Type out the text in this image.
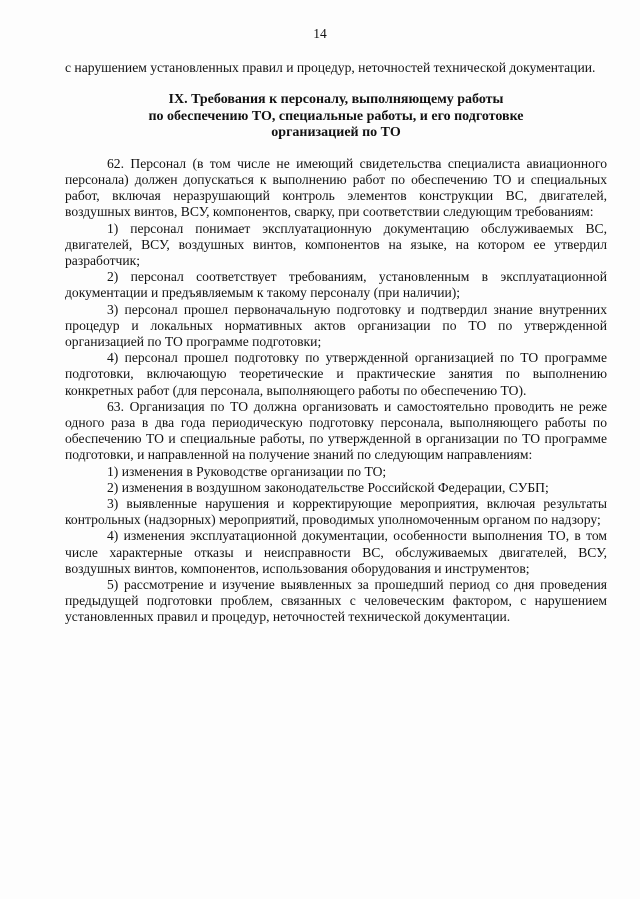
14

с нарушением установленных правил и процедур, неточностей технической документации.

IX. Требования к персоналу, выполняющему работы
по обеспечению ТО, специальные работы, и его подготовке
организацией по ТО

62. Персонал (в том числе не имеющий свидетельства специалиста авиационного персонала) должен допускаться к выполнению работ по обеспечению ТО и специальных работ, включая неразрушающий контроль элементов конструкции ВС, двигателей, воздушных винтов, ВСУ, компонентов, сварку, при соответствии следующим требованиям:

1) персонал понимает эксплуатационную документацию обслуживаемых ВС, двигателей, ВСУ, воздушных винтов, компонентов на языке, на котором ее утвердил разработчик;

2) персонал соответствует требованиям, установленным в эксплуатационной документации и предъявляемым к такому персоналу (при наличии);

3) персонал прошел первоначальную подготовку и подтвердил знание внутренних процедур и локальных нормативных актов организации по ТО по утвержденной организацией по ТО программе подготовки;

4) персонал прошел подготовку по утвержденной организацией по ТО программе подготовки, включающую теоретические и практические занятия по выполнению конкретных работ (для персонала, выполняющего работы по обеспечению ТО).

63. Организация по ТО должна организовать и самостоятельно проводить не реже одного раза в два года периодическую подготовку персонала, выполняющего работы по обеспечению ТО и специальные работы, по утвержденной в организации по ТО программе подготовки, и направленной на получение знаний по следующим направлениям:

1) изменения в Руководстве организации по ТО;

2) изменения в воздушном законодательстве Российской Федерации, СУБП;

3) выявленные нарушения и корректирующие мероприятия, включая результаты контрольных (надзорных) мероприятий, проводимых уполномоченным органом по надзору;

4) изменения эксплуатационной документации, особенности выполнения ТО, в том числе характерные отказы и неисправности ВС, обслуживаемых двигателей, ВСУ, воздушных винтов, компонентов, использования оборудования и инструментов;

5) рассмотрение и изучение выявленных за прошедший период со дня проведения предыдущей подготовки проблем, связанных с человеческим фактором, с нарушением установленных правил и процедур, неточностей технической документации.
